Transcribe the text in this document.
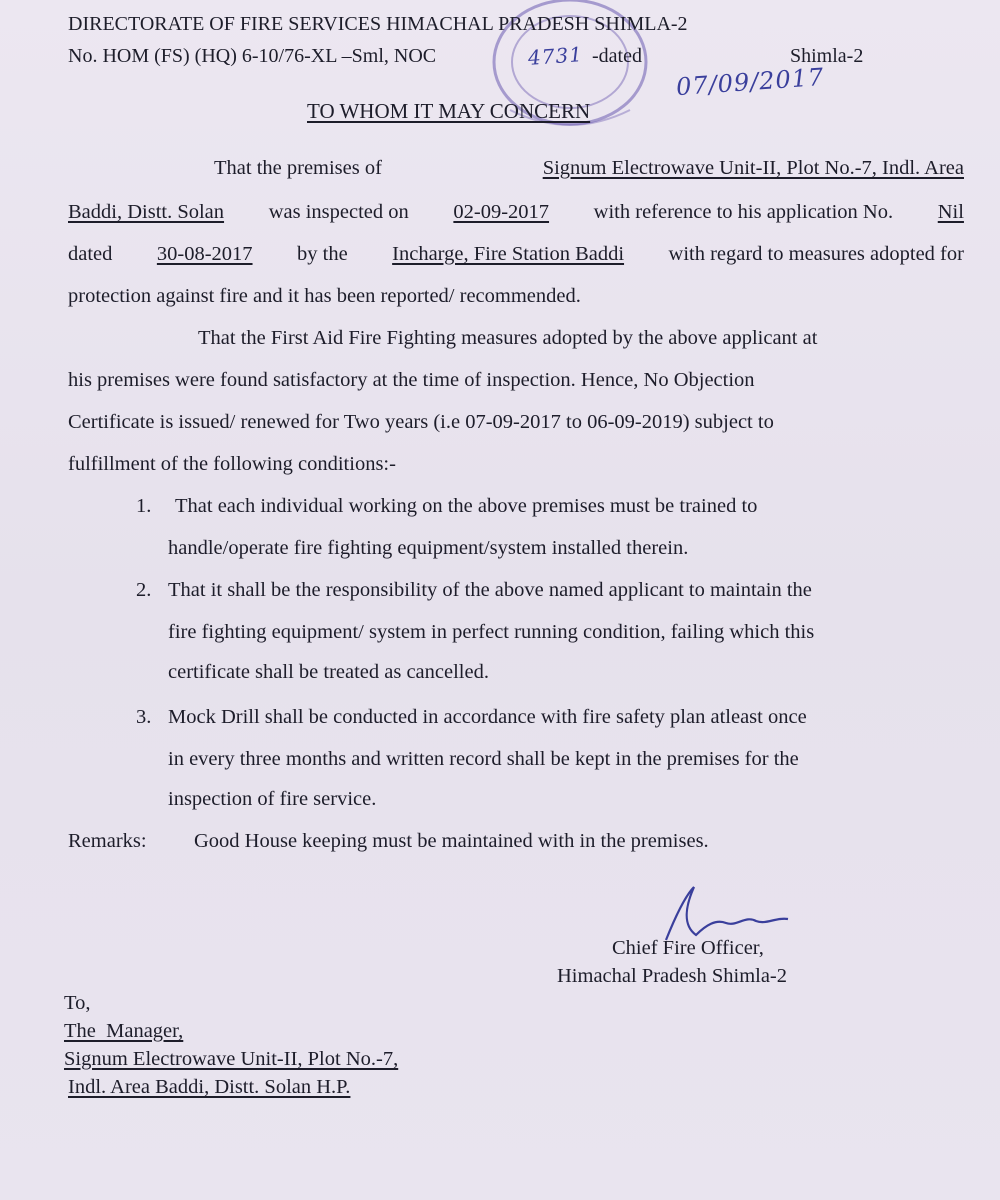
DIRECTORATE OF FIRE SERVICES HIMACHAL PRADESH SHIMLA-2
No. HOM (FS) (HQ) 6-10/76-XL –Sml, NOC	4731 -dated	Shimla-2
07/09/2017
TO WHOM IT MAY CONCERN
That the premises of	Signum Electrowave Unit-II, Plot No.-7, Indl. Area
Baddi, Distt. Solan was inspected on 02-09-2017 with reference to his application No. Nil
dated 30-08-2017 by the Incharge, Fire Station Baddi with regard to measures adopted for
protection against fire and it has been reported/ recommended.
That the First Aid Fire Fighting measures adopted by the above applicant at
his premises were found satisfactory at the time of inspection. Hence, No Objection
Certificate is issued/ renewed for Two years (i.e 07-09-2017 to 06-09-2019) subject to
fulfillment of the following conditions:-
1. That each individual working on the above premises must be trained to
handle/operate fire fighting equipment/system installed therein.
2. That it shall be the responsibility of the above named applicant to maintain the
fire fighting equipment/ system in perfect running condition, failing which this
certificate shall be treated as cancelled.
3. Mock Drill shall be conducted in accordance with fire safety plan atleast once
in every three months and written record shall be kept in the premises for the
inspection of fire service.
Remarks: Good House keeping must be maintained with in the premises.
Chief Fire Officer,
Himachal Pradesh Shimla-2
To,
The  Manager,
Signum Electrowave Unit-II, Plot No.-7,
Indl. Area Baddi, Distt. Solan H.P.
